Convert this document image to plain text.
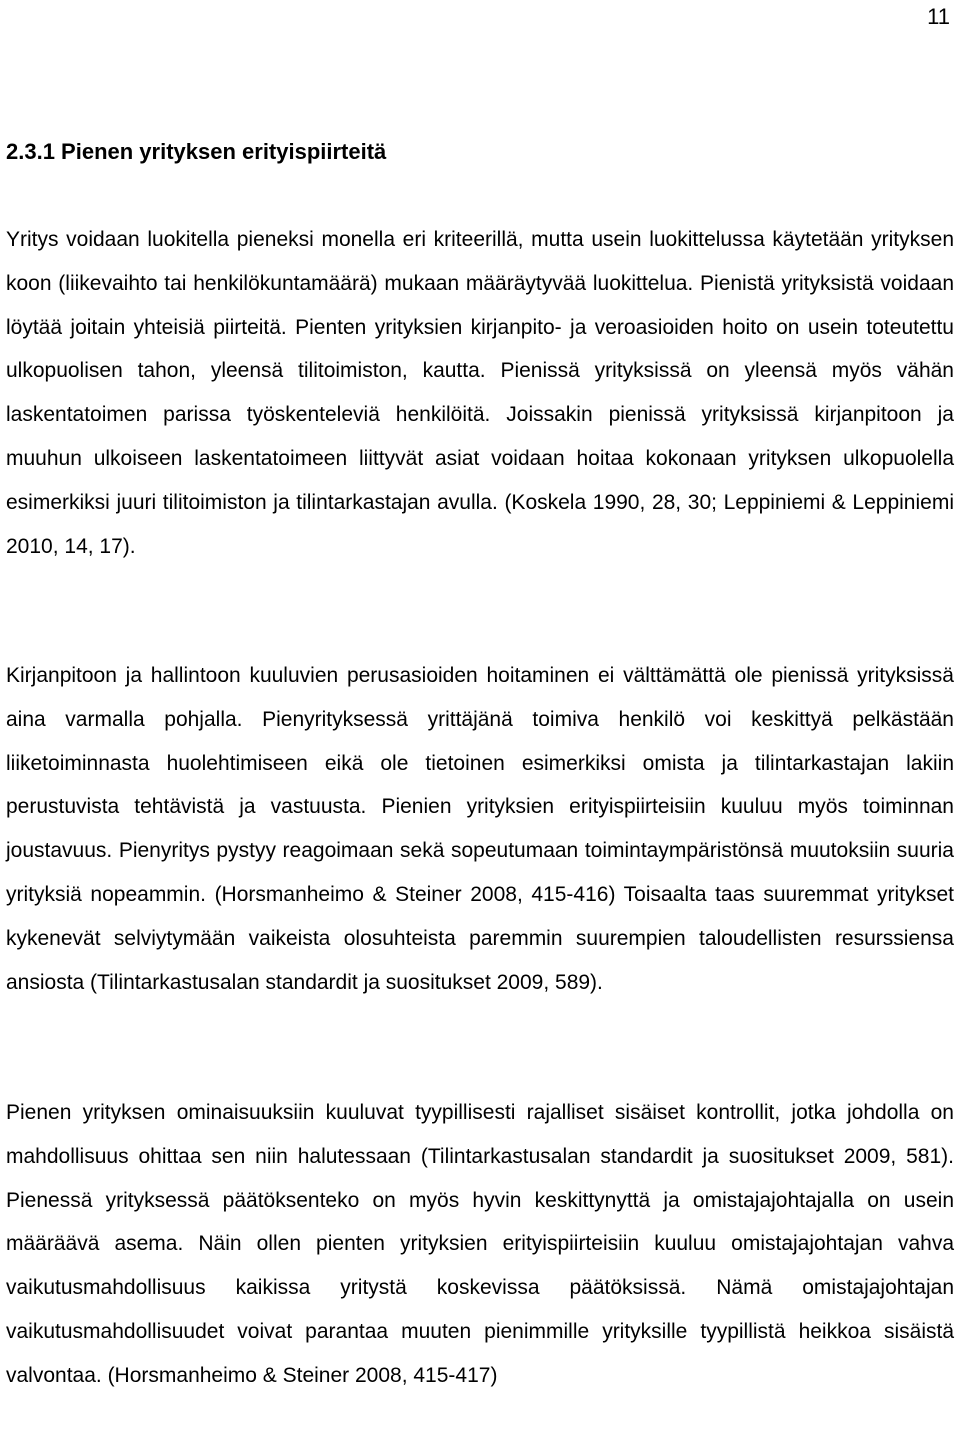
11
2.3.1 Pienen yrityksen erityispiirteitä

Yritys voidaan luokitella pieneksi monella eri kriteerillä, mutta usein luokittelussa käytetään yrityksen koon (liikevaihto tai henkilökuntamäärä) mukaan määräytyvää luokittelua. Pienistä yrityksistä voidaan löytää joitain yhteisiä piirteitä. Pienten yrityksien kirjanpito- ja veroasioiden hoito on usein toteutettu ulkopuolisen tahon, yleensä tilitoimiston, kautta. Pienissä yrityksissä on yleensä myös vähän laskentatoimen parissa työskenteleviä henkilöitä. Joissakin pienissä yrityksissä kirjanpitoon ja muuhun ulkoiseen laskentatoimeen liittyvät asiat voidaan hoitaa kokonaan yrityksen ulkopuolella esimerkiksi juuri tilitoimiston ja tilintarkastajan avulla. (Koskela 1990, 28, 30; Leppiniemi & Leppiniemi 2010, 14, 17).

Kirjanpitoon ja hallintoon kuuluvien perusasioiden hoitaminen ei välttämättä ole pienissä yrityksissä aina varmalla pohjalla. Pienyrityksessä yrittäjänä toimiva henkilö voi keskittyä pelkästään liiketoiminnasta huolehtimiseen eikä ole tietoinen esimerkiksi omista ja tilintarkastajan lakiin perustuvista tehtävistä ja vastuusta. Pienien yrityksien erityispiirteisiin kuuluu myös toiminnan joustavuus. Pienyritys pystyy reagoimaan sekä sopeutumaan toimintaympäristönsä muutoksiin suuria yrityksiä nopeammin. (Horsmanheimo & Steiner 2008, 415-416) Toisaalta taas suuremmat yritykset kykenevät selviytymään vaikeista olosuhteista paremmin suurempien taloudellisten resurssiensa ansiosta (Tilintarkastusalan standardit ja suositukset 2009, 589).

Pienen yrityksen ominaisuuksiin kuuluvat tyypillisesti rajalliset sisäiset kontrollit, jotka johdolla on mahdollisuus ohittaa sen niin halutessaan (Tilintarkastusalan standardit ja suositukset 2009, 581). Pienessä yrityksessä päätöksenteko on myös hyvin keskittynyttä ja omistajajohtajalla on usein määräävä asema. Näin ollen pienten yrityksien erityispiirteisiin kuuluu omistajajohtajan vahva vaikutusmahdollisuus kaikissa yritystä koskevissa päätöksissä. Nämä omistajajohtajan vaikutusmahdollisuudet voivat parantaa muuten pienimmille yrityksille tyypillistä heikkoa sisäistä valvontaa. (Horsmanheimo & Steiner 2008, 415-417)
